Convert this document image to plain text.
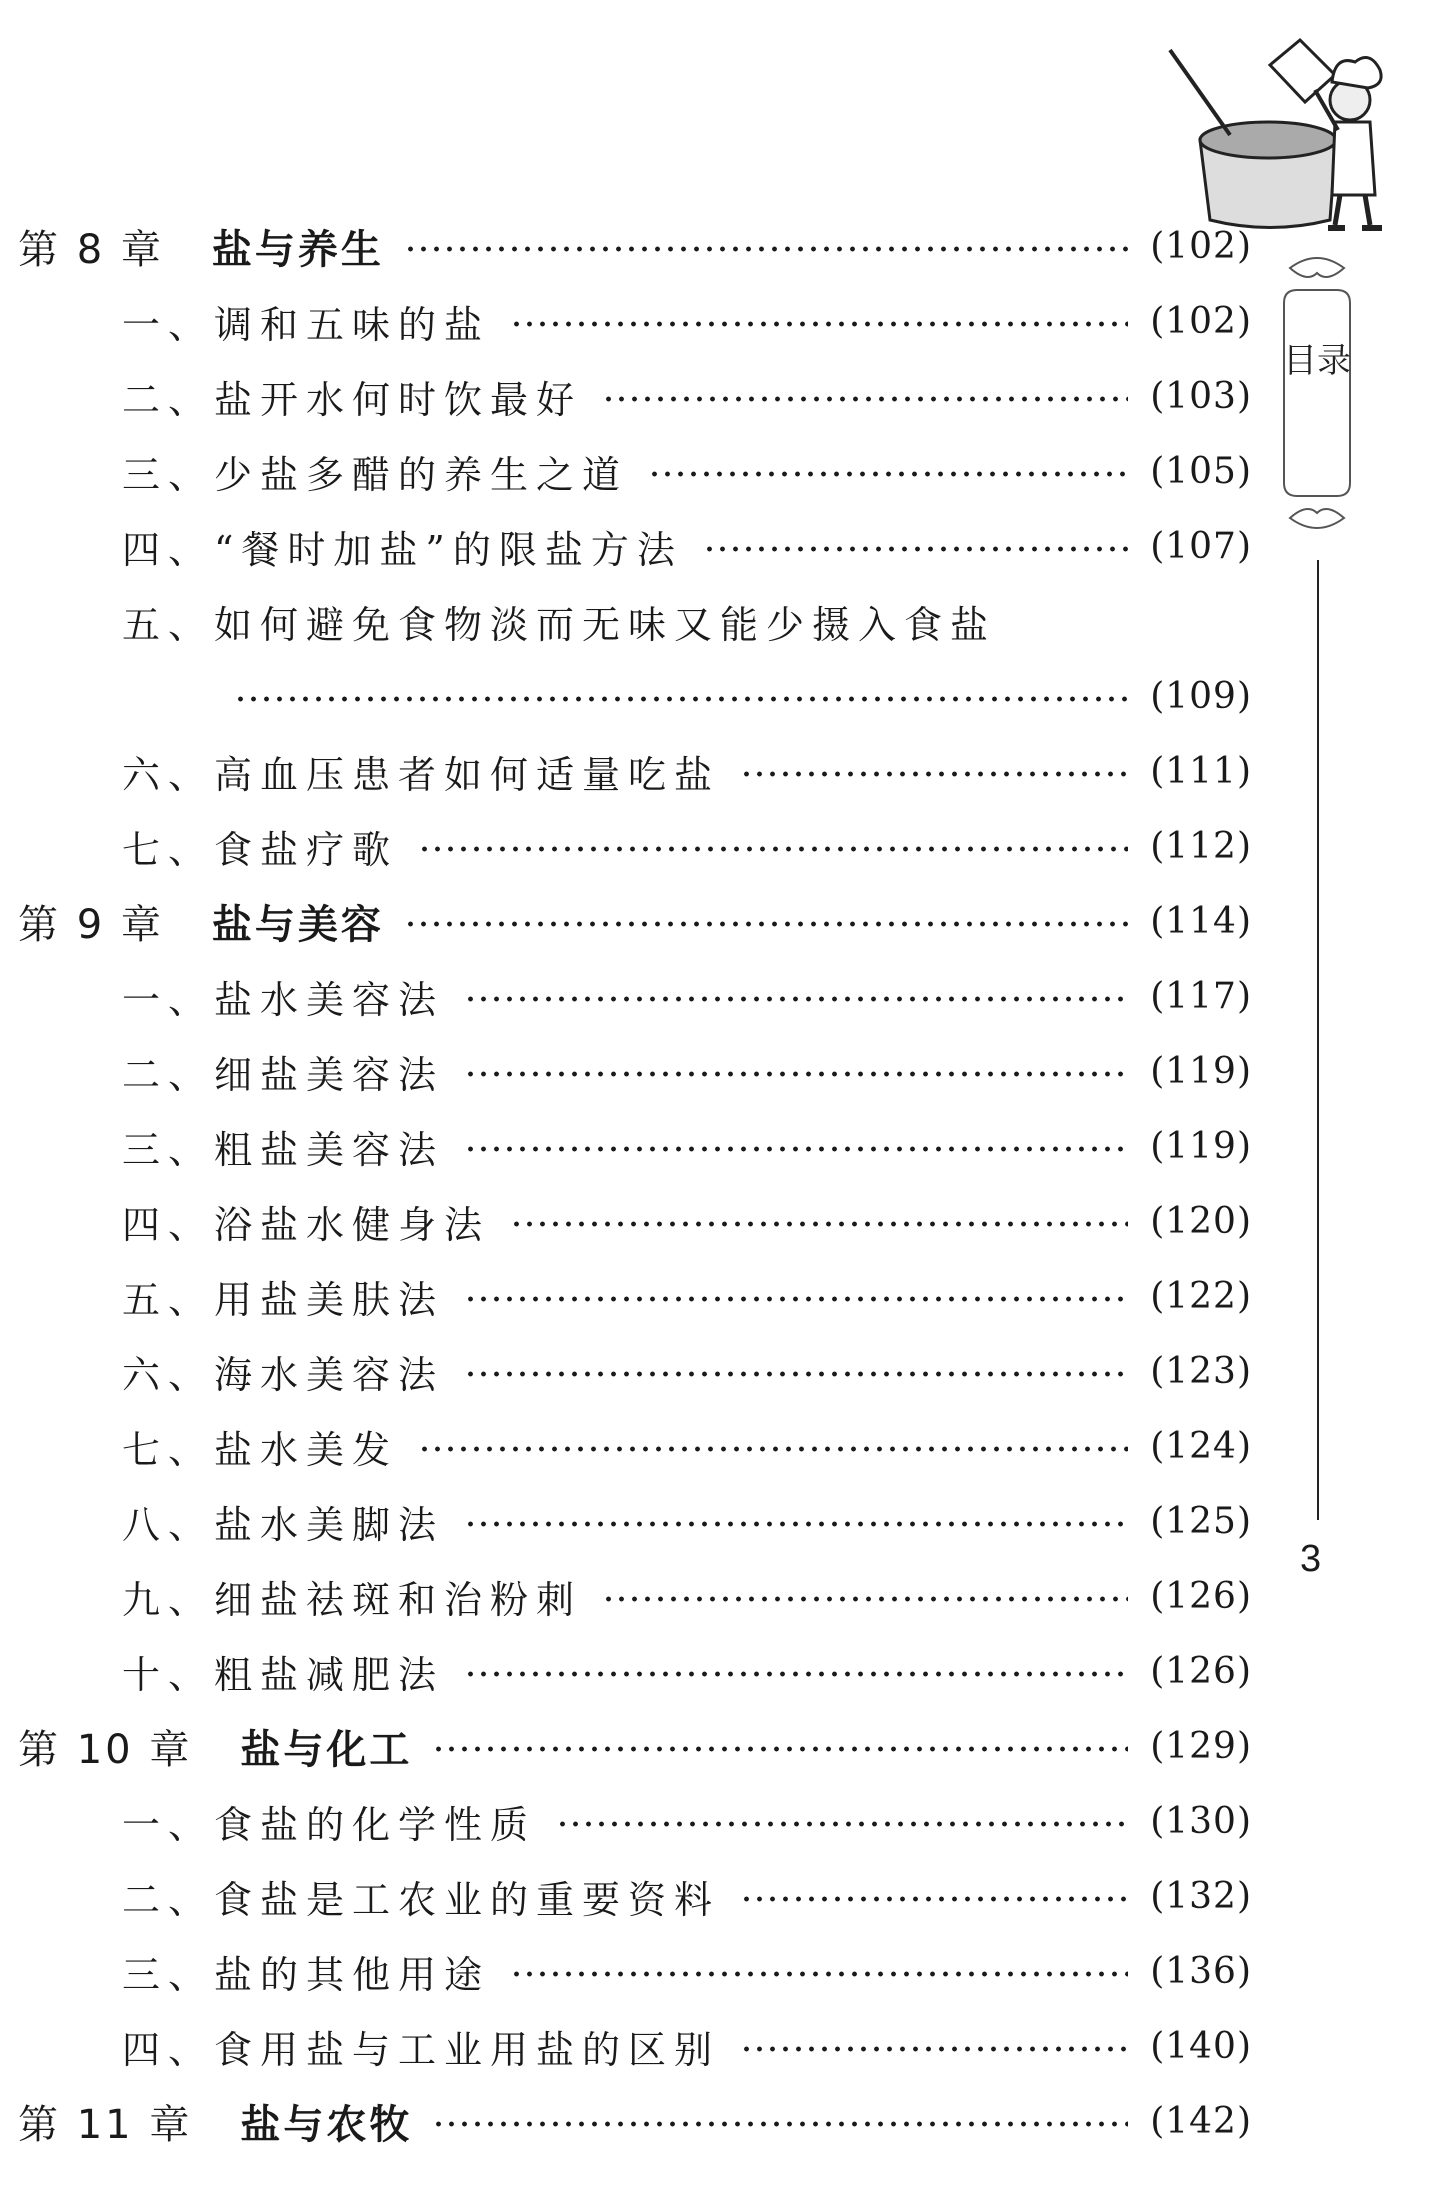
第 8 章 盐与养生	(102)
一、调和五味的盐	(102)
二、盐开水何时饮最好	(103)
三、少盐多醋的养生之道	(105)
四、“餐时加盐”的限盐方法	(107)
五、如何避免食物淡而无味又能少摄入食盐
(109)
六、高血压患者如何适量吃盐	(111)
七、食盐疗歌	(112)
第 9 章 盐与美容	(114)
一、盐水美容法	(117)
二、细盐美容法	(119)
三、粗盐美容法	(119)
四、浴盐水健身法	(120)
五、用盐美肤法	(122)
六、海水美容法	(123)
七、盐水美发	(124)
八、盐水美脚法	(125)
九、细盐祛斑和治粉刺	(126)
十、粗盐减肥法	(126)
第 10 章 盐与化工	(129)
一、食盐的化学性质	(130)
二、食盐是工农业的重要资料	(132)
三、盐的其他用途	(136)
四、食用盐与工业用盐的区别	(140)
第 11 章 盐与农牧	(142)
目录
3
